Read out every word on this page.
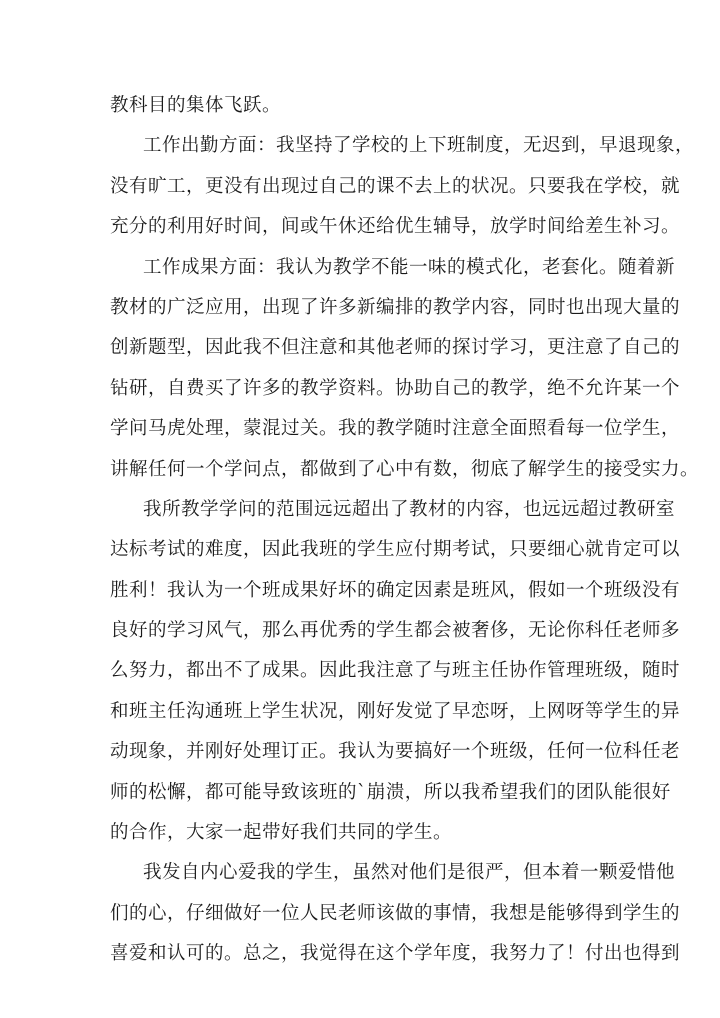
教科目的集体飞跃。
工作出勤方面：我坚持了学校的上下班制度，无迟到，早退现象，
没有旷工，更没有出现过自己的课不去上的状况。只要我在学校，就
充分的利用好时间，间或午休还给优生辅导，放学时间给差生补习。
工作成果方面：我认为教学不能一味的模式化，老套化。随着新
教材的广泛应用，出现了许多新编排的教学内容，同时也出现大量的
创新题型，因此我不但注意和其他老师的探讨学习，更注意了自己的
钻研，自费买了许多的教学资料。协助自己的教学，绝不允许某一个
学问马虎处理，蒙混过关。我的教学随时注意全面照看每一位学生，
讲解任何一个学问点，都做到了心中有数，彻底了解学生的接受实力。
我所教学学问的范围远远超出了教材的内容，也远远超过教研室
达标考试的难度，因此我班的学生应付期考试，只要细心就肯定可以
胜利！我认为一个班成果好坏的确定因素是班风，假如一个班级没有
良好的学习风气，那么再优秀的学生都会被奢侈，无论你科任老师多
么努力，都出不了成果。因此我注意了与班主任协作管理班级，随时
和班主任沟通班上学生状况，刚好发觉了早恋呀，上网呀等学生的异
动现象，并刚好处理订正。我认为要搞好一个班级，任何一位科任老
师的松懈，都可能导致该班的`崩溃，所以我希望我们的团队能很好
的合作，大家一起带好我们共同的学生。
我发自内心爱我的学生，虽然对他们是很严，但本着一颗爱惜他
们的心，仔细做好一位人民老师该做的事情，我想是能够得到学生的
喜爱和认可的。总之，我觉得在这个学年度，我努力了！付出也得到
